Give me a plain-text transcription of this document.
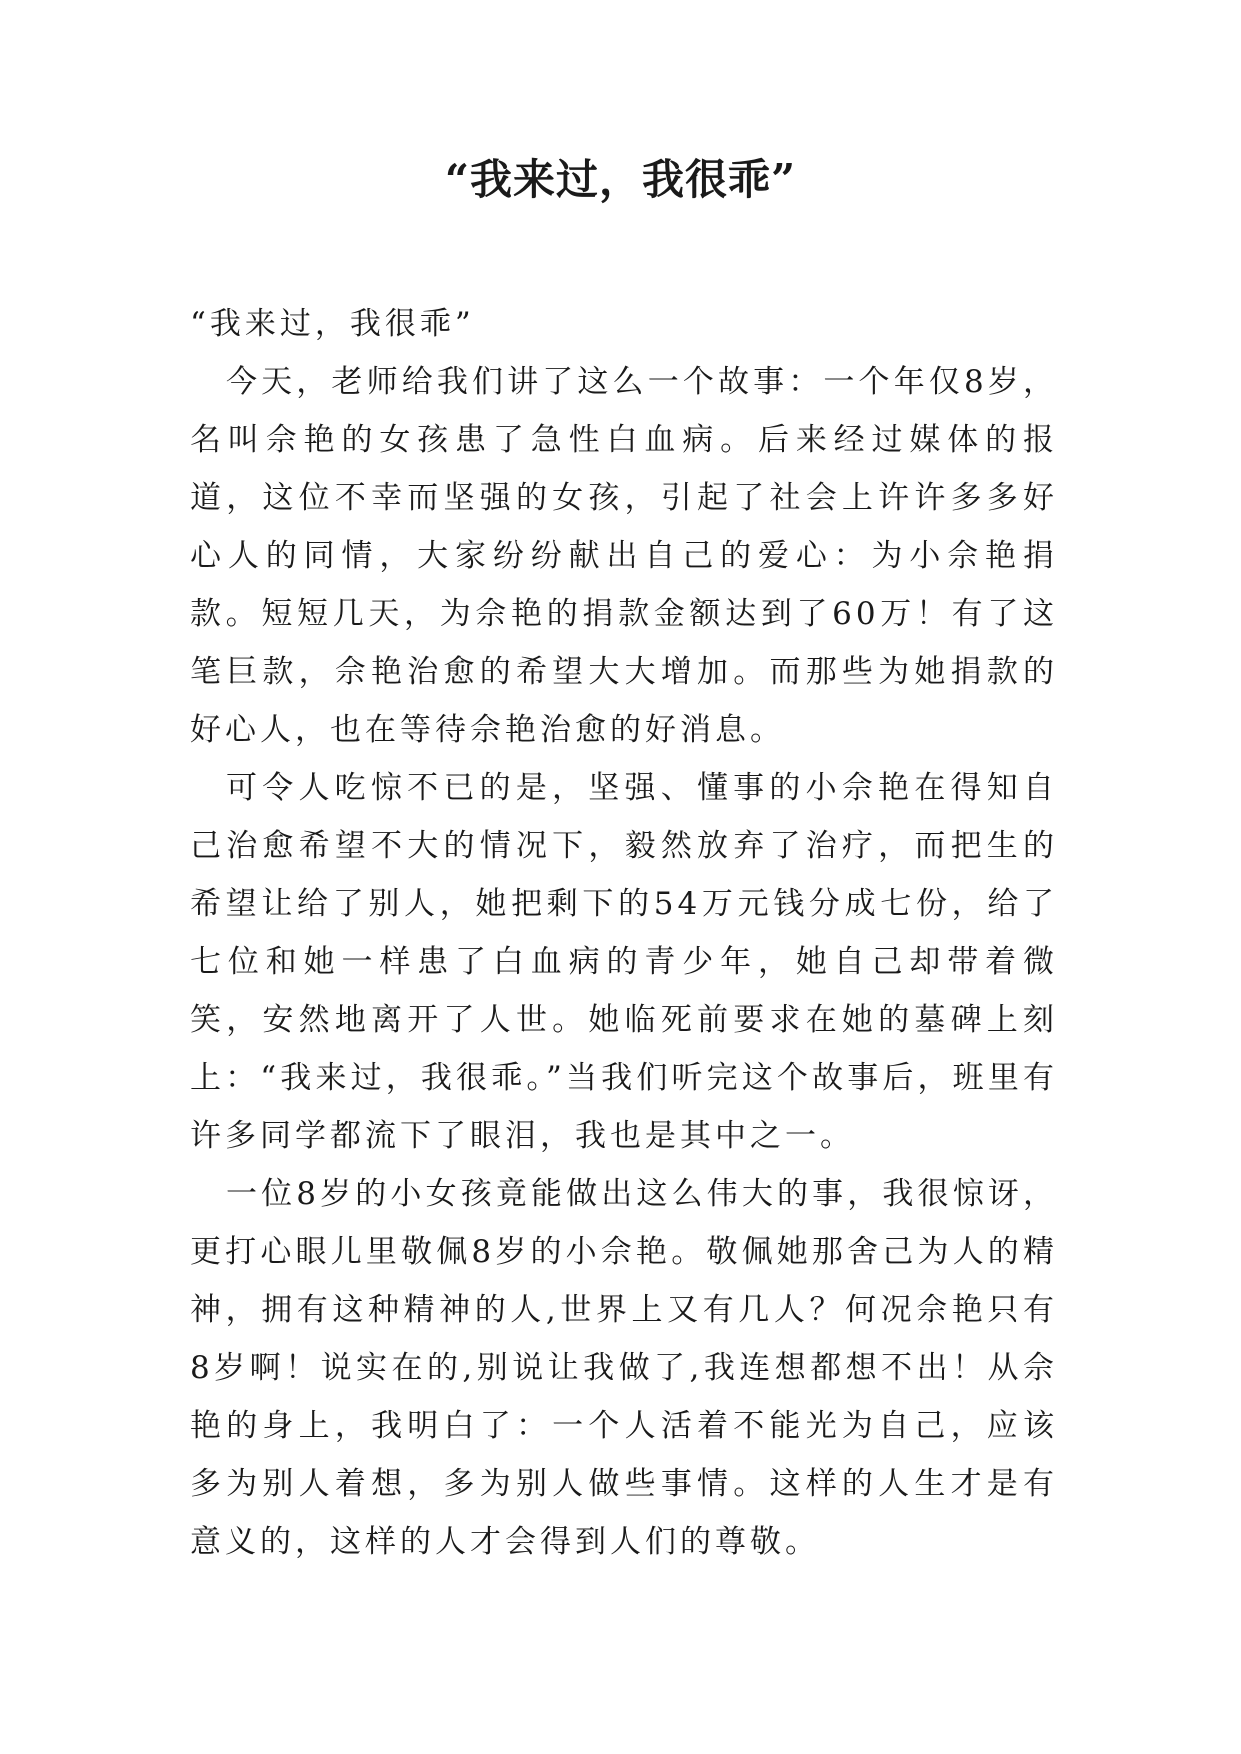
“我来过，我很乖”

“我来过，我很乖”

今天，老师给我们讲了这么一个故事：一个年仅8岁，名叫佘艳的女孩患了急性白血病。后来经过媒体的报道，这位不幸而坚强的女孩，引起了社会上许许多多好心人的同情，大家纷纷献出自己的爱心：为小佘艳捐款。短短几天，为佘艳的捐款金额达到了60万！有了这笔巨款，佘艳治愈的希望大大增加。而那些为她捐款的好心人，也在等待佘艳治愈的好消息。

可令人吃惊不已的是，坚强、懂事的小佘艳在得知自己治愈希望不大的情况下，毅然放弃了治疗，而把生的希望让给了别人，她把剩下的54万元钱分成七份，给了七位和她一样患了白血病的青少年，她自己却带着微笑，安然地离开了人世。她临死前要求在她的墓碑上刻上：“我来过，我很乖。”当我们听完这个故事后，班里有许多同学都流下了眼泪，我也是其中之一。

一位8岁的小女孩竟能做出这么伟大的事，我很惊讶，更打心眼儿里敬佩8岁的小佘艳。敬佩她那舍己为人的精神，拥有这种精神的人,世界上又有几人？何况佘艳只有8岁啊！说实在的,别说让我做了,我连想都想不出！从佘艳的身上，我明白了：一个人活着不能光为自己，应该多为别人着想，多为别人做些事情。这样的人生才是有意义的，这样的人才会得到人们的尊敬。
